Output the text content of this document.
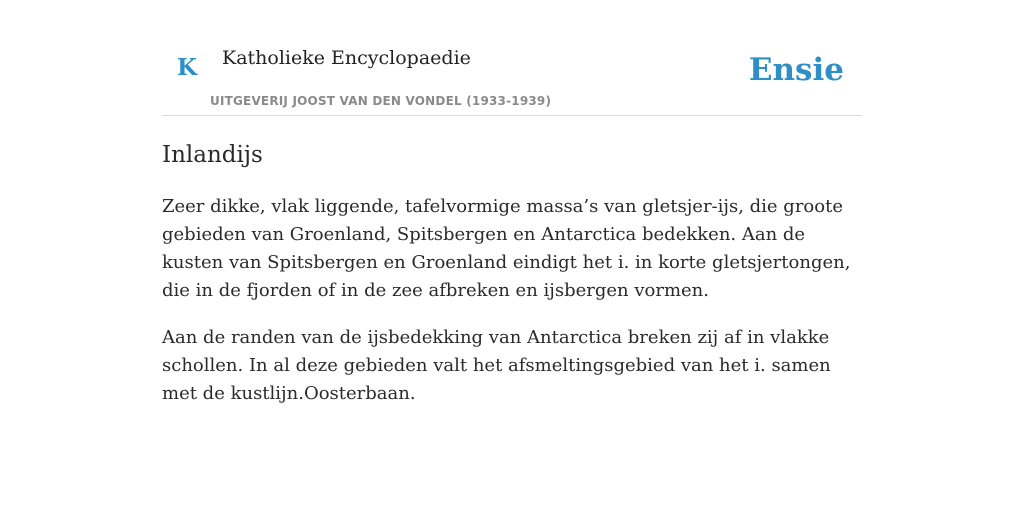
K Katholieke Encyclopaedie
UITGEVERIJ JOOST VAN DEN VONDEL (1933-1939)
Ensie
Inlandijs

Zeer dikke, vlak liggende, tafelvormige massa’s van gletsjer-ijs, die groote gebieden van Groenland, Spitsbergen en Antarctica bedekken. Aan de kusten van Spitsbergen en Groenland eindigt het i. in korte gletsjertongen, die in de fjorden of in de zee afbreken en ijsbergen vormen.

Aan de randen van de ijsbedekking van Antarctica breken zij af in vlakke schollen. In al deze gebieden valt het afsmeltingsgebied van het i. samen met de kustlijn.Oosterbaan.
